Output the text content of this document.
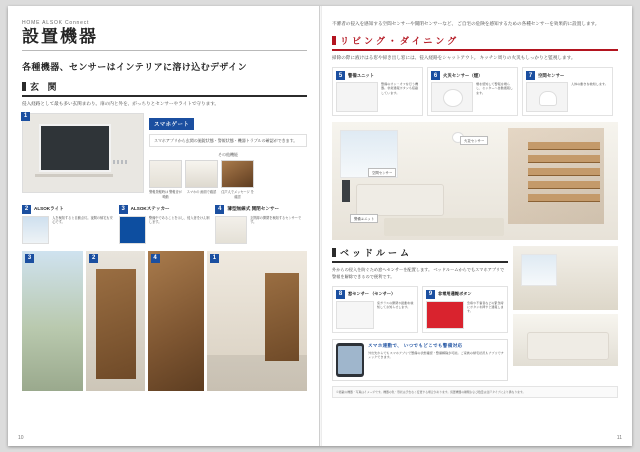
HOME ALSOK Connect
設置機器
各種機器、センサーはインテリアに溶け込むデザイン
玄 関
侵入経路として最も多い玄関まわり。扉の内と外を、がっちりとセンサーやライトで守ります。
1
スマホゲート
スマホアプリから玄関の施錠状態・警報状態・機器トラブルの確認ができます。
その他機能
警報発報時は 警報音が鳴動
スマホの 画面で確認	住戸人でメッセージ を確認
2	ALSOKライト
人を検知すると自動点灯。夜間の帰宅も安心です。
3	ALSOKステッカー
警備中であることを示し、侵入者をけん制します。
4	薄型無線式 開閉センサー
玄関扉の開閉を検知するセンサーです。
3	2	4	1
10
不審者の侵入を感知する空間センサーや開閉センサーなど、 ご自宅の危険を感知するための各種センサーを効果的に設置します。
リビング・ダイニング
掃除の際に液けはる窓や掃き出し窓には、侵入経路をシャットアウト。 キッチン周りの火災もしっかりと監視します。
5	警備ユニット
警備のオン・オフを行う機器。非常通報ボタンも搭載しています。
6	火災センサー（煙）
煙を感知して警報を鳴らし、センターへ自動通報します。
7	空間センサー
人体の動きを検知します。
火災センサー
空間センサー
警備ユニット
ベッドルーム
外からの侵入を防ぐため窓へセンサーを配置します。 ベッドルームからでもスマホアプリで警報を解除できるので便利です。
8	窓センサー （センサー）
窓ガラスの開閉や振動を検知してお知らせします。
9	非常用通報ボタン
急病や不審者などの緊急時にボタンを押すと通報します。
スマホ連動で、 いつでもどこでも警備対応
外出先からでもスマホアプリで警備の状態確認・警備解除が可能。ご家族の帰宅状況もアプリでチェックできます。
※掲載の機器・写真はイメージです。機器の色・形状は予告なく変更する場合があります。設置機器の種類および数量は住戸タイプにより異なります。
11
